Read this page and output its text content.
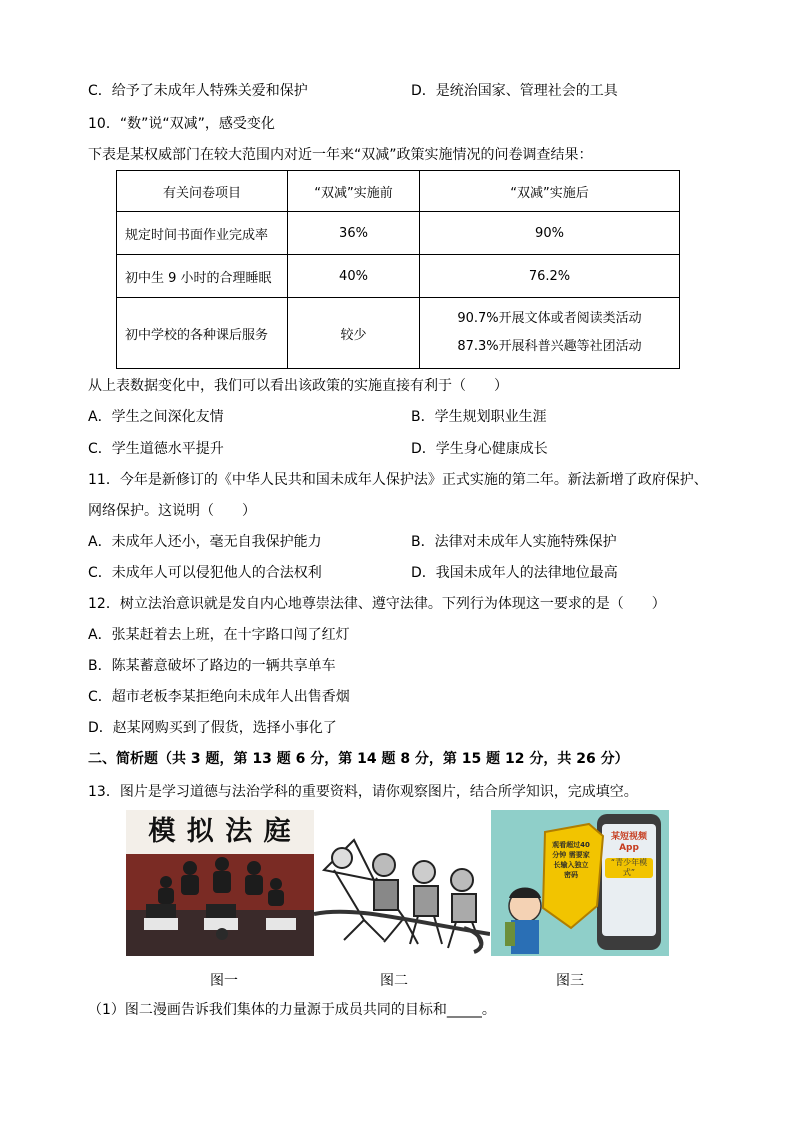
C．给予了未成年人特殊关爱和保护	D．是统治国家、管理社会的工具
10．“数”说“双减”，感受变化
下表是某权威部门在较大范围内对近一年来“双减”政策实施情况的问卷调查结果：
有关问卷项目	“双减”实施前	“双减”实施后
规定时间书面作业完成率	36%	90%
初中生 9 小时的合理睡眠	40%	76.2%
初中学校的各种课后服务	较少	90.7%开展文体或者阅读类活动
87.3%开展科普兴趣等社团活动
从上表数据变化中，我们可以看出该政策的实施直接有利于（　　）
A．学生之间深化友情	B．学生规划职业生涯
C．学生道德水平提升	D．学生身心健康成长
11．今年是新修订的《中华人民共和国未成年人保护法》正式实施的第二年。新法新增了政府保护、
网络保护。这说明（　　）
A．未成年人还小，毫无自我保护能力	B．法律对未成年人实施特殊保护
C．未成年人可以侵犯他人的合法权利	D．我国未成年人的法律地位最高
12．树立法治意识就是发自内心地尊崇法律、遵守法律。下列行为体现这一要求的是（　　）
A．张某赶着去上班，在十字路口闯了红灯
B．陈某蓄意破坏了路边的一辆共享单车
C．超市老板李某拒绝向未成年人出售香烟
D．赵某网购买到了假货，选择小事化了
二、简析题（共 3 题，第 13 题 6 分，第 14 题 8 分，第 15 题 12 分，共 26 分）
13．图片是学习道德与法治学科的重要资料，请你观察图片，结合所学知识，完成填空。
模 拟 法 庭	某短视频App
“青少年模式”
观看超过40分钟 需要家长输入独立密码
图一	图二	图三
（1）图二漫画告诉我们集体的力量源于成员共同的目标和_____。
